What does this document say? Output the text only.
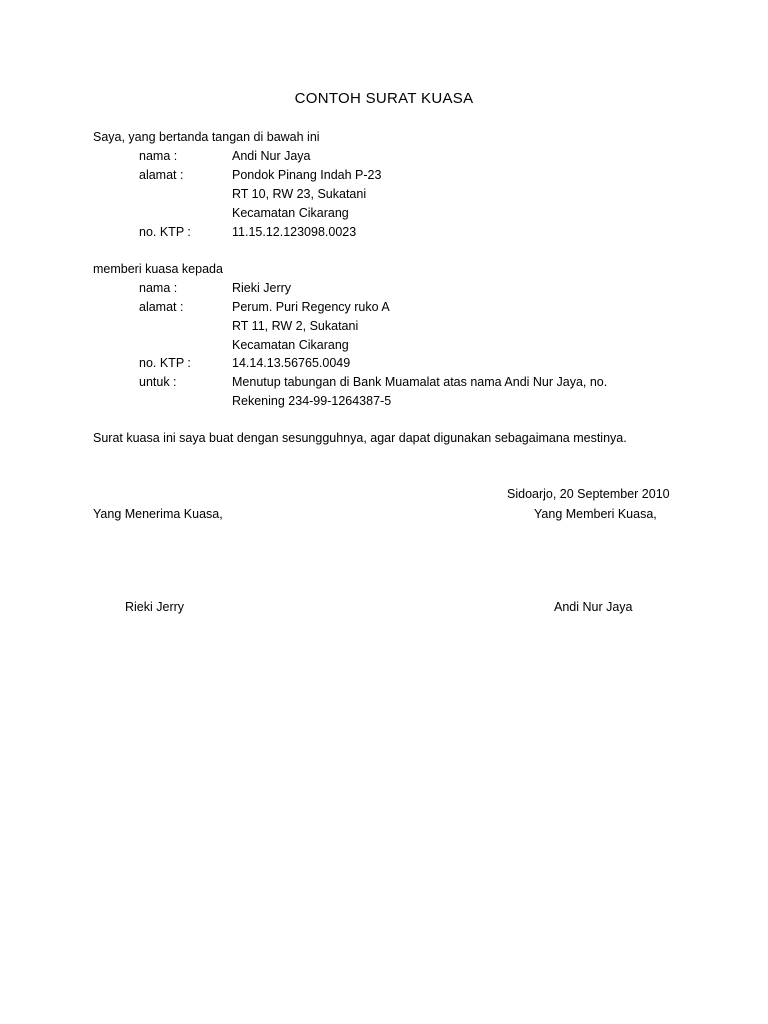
CONTOH SURAT KUASA
Saya, yang bertanda tangan di bawah ini
nama :	Andi Nur Jaya
alamat :	Pondok Pinang Indah P-23
RT 10, RW 23, Sukatani
Kecamatan Cikarang
no. KTP :	11.15.12.123098.0023
memberi kuasa kepada
nama :	Rieki Jerry
alamat :	Perum. Puri Regency ruko A
RT 11, RW 2, Sukatani
Kecamatan Cikarang
no. KTP :	14.14.13.56765.0049
untuk :	Menutup tabungan di Bank Muamalat atas nama Andi Nur Jaya, no.
Rekening 234-99-1264387-5
Surat kuasa ini saya buat dengan sesungguhnya, agar dapat digunakan sebagaimana mestinya.
Sidoarjo, 20 September 2010
Yang Menerima Kuasa,	Yang Memberi Kuasa,
Rieki Jerry	Andi Nur Jaya
